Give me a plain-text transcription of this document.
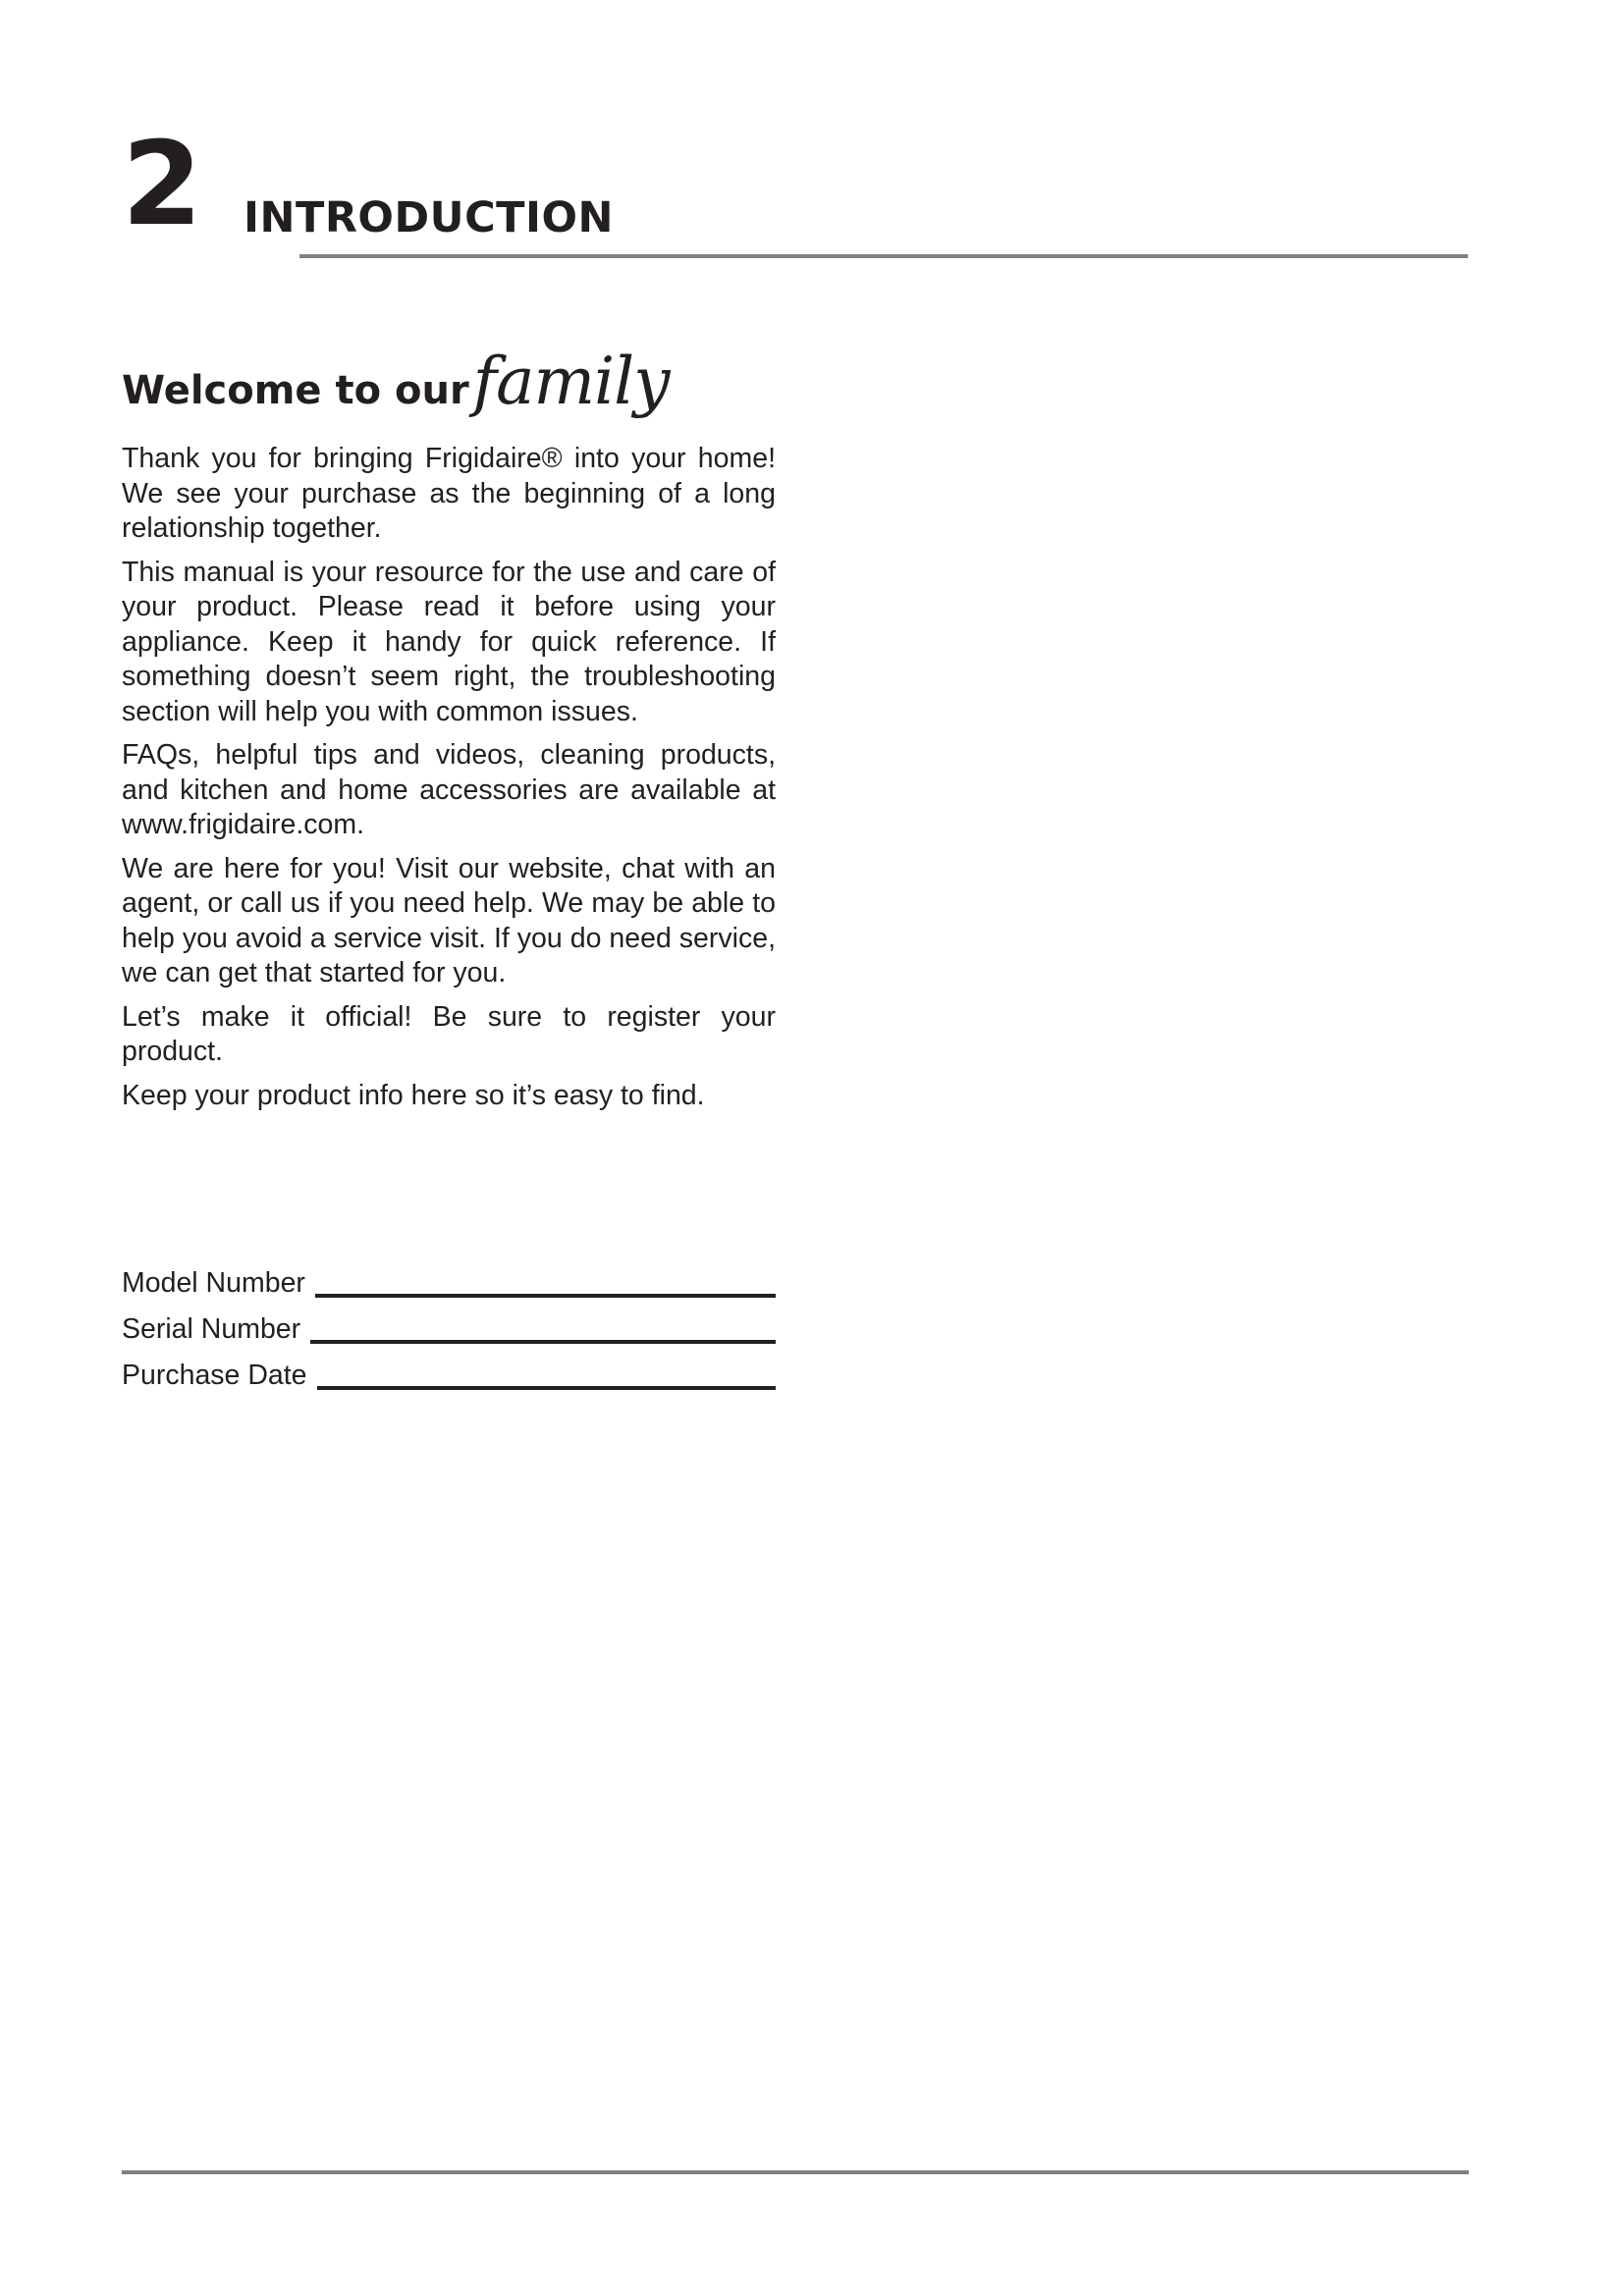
2 INTRODUCTION
Welcome to ourfamily

Thank you for bringing Frigidaire® into your home! We see your purchase as the beginning of a long relationship together.

This manual is your resource for the use and care of your product. Please read it before using your appliance. Keep it handy for quick reference. If something doesn’t seem right, the troubleshooting section will help you with common issues.

FAQs, helpful tips and videos, cleaning products, and kitchen and home accessories are available at www.frigidaire.com.

We are here for you! Visit our website, chat with an agent, or call us if you need help. We may be able to help you avoid a service visit. If you do need service, we can get that started for you.

Let’s make it official! Be sure to register your product.

Keep your product info here so it’s easy to find.

Model Number
Serial Number
Purchase Date
